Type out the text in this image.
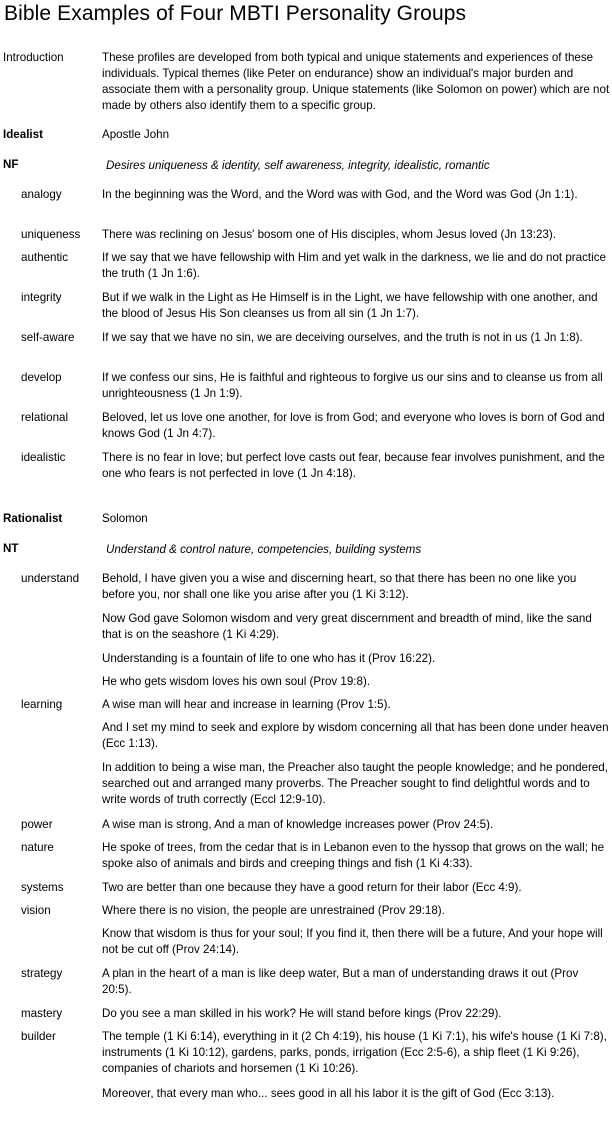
Bible Examples of Four MBTI Personality Groups
Introduction	These profiles are developed from both typical and unique statements and experiences of these individuals. Typical themes (like Peter on endurance) show an individual's major burden and associate them with a personality group. Unique statements (like Solomon on power) which are not made by others also identify them to a specific group.
Idealist	Apostle John
NF	Desires uniqueness & identity, self awareness, integrity, idealistic, romantic
analogy	In the beginning was the Word, and the Word was with God, and the Word was God (Jn 1:1).
uniqueness There was reclining on Jesus' bosom one of His disciples, whom Jesus loved (Jn 13:23).
authentic	If we say that we have fellowship with Him and yet walk in the darkness, we lie and do not practice the truth (1 Jn 1:6).
integrity	But if we walk in the Light as He Himself is in the Light, we have fellowship with one another, and the blood of Jesus His Son cleanses us from all sin (1 Jn 1:7).
self-aware If we say that we have no sin, we are deceiving ourselves, and the truth is not in us (1 Jn 1:8).
develop	If we confess our sins, He is faithful and righteous to forgive us our sins and to cleanse us from all unrighteousness (1 Jn 1:9).
relational	Beloved, let us love one another, for love is from God; and everyone who loves is born of God and knows God (1 Jn 4:7).
idealistic	There is no fear in love; but perfect love casts out fear, because fear involves punishment, and the one who fears is not perfected in love (1 Jn 4:18).
Rationalist	Solomon
NT	Understand & control nature, competencies, building systems
understand Behold, I have given you a wise and discerning heart, so that there has been no one like you before you, nor shall one like you arise after you (1 Ki 3:12).
Now God gave Solomon wisdom and very great discernment and breadth of mind, like the sand that is on the seashore (1 Ki 4:29).
Understanding is a fountain of life to one who has it (Prov 16:22).
He who gets wisdom loves his own soul (Prov 19:8).
learning	A wise man will hear and increase in learning (Prov 1:5).
And I set my mind to seek and explore by wisdom concerning all that has been done under heaven (Ecc 1:13).
In addition to being a wise man, the Preacher also taught the people knowledge; and he pondered, searched out and arranged many proverbs. The Preacher sought to find delightful words and to write words of truth correctly (Eccl 12:9-10).
power	A wise man is strong, And a man of knowledge increases power (Prov 24:5).
nature	He spoke of trees, from the cedar that is in Lebanon even to the hyssop that grows on the wall; he spoke also of animals and birds and creeping things and fish (1 Ki 4:33).
systems	Two are better than one because they have a good return for their labor (Ecc 4:9).
vision	Where there is no vision, the people are unrestrained (Prov 29:18).
Know that wisdom is thus for your soul; If you find it, then there will be a future, And your hope will not be cut off (Prov 24:14).
strategy	A plan in the heart of a man is like deep water, But a man of understanding draws it out (Prov 20:5).
mastery	Do you see a man skilled in his work? He will stand before kings (Prov 22:29).
builder	The temple (1 Ki 6:14), everything in it (2 Ch 4:19), his house (1 Ki 7:1), his wife's house (1 Ki 7:8), instruments (1 Ki 10:12), gardens, parks, ponds, irrigation (Ecc 2:5-6), a ship fleet (1 Ki 9:26), companies of chariots and horsemen (1 Ki 10:26).
Moreover, that every man who... sees good in all his labor it is the gift of God (Ecc 3:13).
